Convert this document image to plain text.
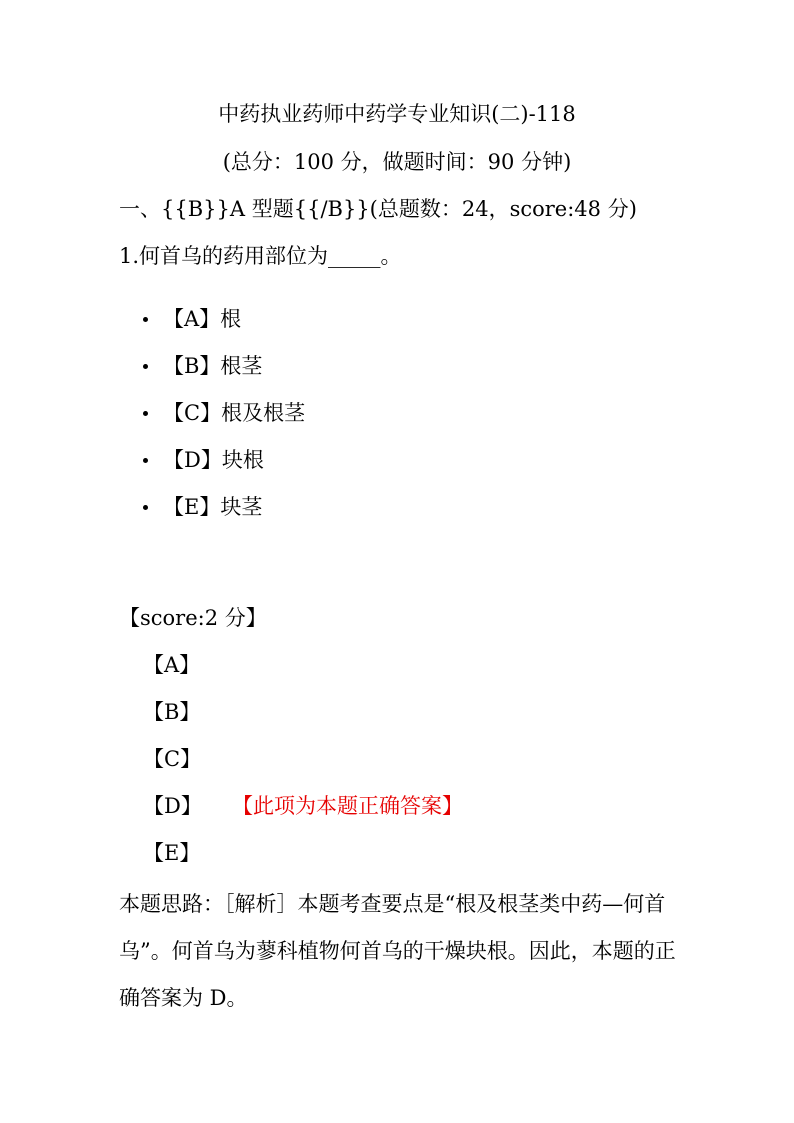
中药执业药师中药学专业知识(二)-118
(总分：100 分，做题时间：90 分钟)
一、{{B}}A 型题{{/B}}(总题数：24，score:48 分)
1.何首乌的药用部位为_____。
【A】根
【B】根茎
【C】根及根茎
【D】块根
【E】块茎
【score:2 分】
【A】
【B】
【C】
【D】 【此项为本题正确答案】
【E】
本题思路：［解析］本题考查要点是“根及根茎类中药—何首乌”。何首乌为蓼科植物何首乌的干燥块根。因此，本题的正确答案为 D。
